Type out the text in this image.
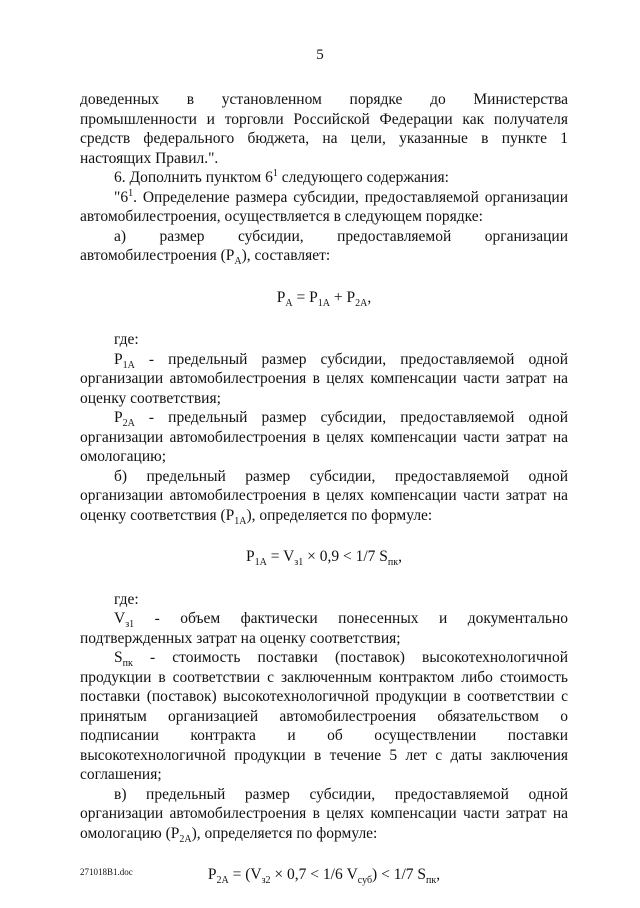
5

доведенных в установленном порядке до Министерства промышленности и торговли Российской Федерации как получателя средств федерального бюджета, на цели, указанные в пункте 1 настоящих Правил.".

6. Дополнить пунктом $6^1$ следующего содержания:

"$6^1$. Определение размера субсидии, предоставляемой организации автомобилестроения, осуществляется в следующем порядке:

а) размер субсидии, предоставляемой организации автомобилестроения $(P_A)$, составляет:

$P_A = P_{1A} + P_{2A}$,

где:

$P_{1A}$ - предельный размер субсидии, предоставляемой одной организации автомобилестроения в целях компенсации части затрат на оценку соответствия;

$P_{2A}$ - предельный размер субсидии, предоставляемой одной организации автомобилестроения в целях компенсации части затрат на омологацию;

б) предельный размер субсидии, предоставляемой одной организации автомобилестроения в целях компенсации части затрат на оценку соответствия $(P_{1A})$, определяется по формуле:

$P_{1A} = V_{з1} \times 0,9 < 1/7$ $S_{пк}$,

где:

$V_{з1}$ - объем фактически понесенных и документально подтвержденных затрат на оценку соответствия;

$S_{пк}$ - стоимость поставки (поставок) высокотехнологичной продукции в соответствии с заключенным контрактом либо стоимость поставки (поставок) высокотехнологичной продукции в соответствии с принятым организацией автомобилестроения обязательством о подписании контракта и об осуществлении поставки высокотехнологичной продукции в течение 5 лет с даты заключения соглашения;

в) предельный размер субсидии, предоставляемой одной организации автомобилестроения в целях компенсации части затрат на омологацию $(P_{2A})$, определяется по формуле:

$P_{2A} = (V_{з2} \times 0,7 < 1/6$ $V_{суб}) < 1/7$ $S_{пк}$,
271018B1.doc
